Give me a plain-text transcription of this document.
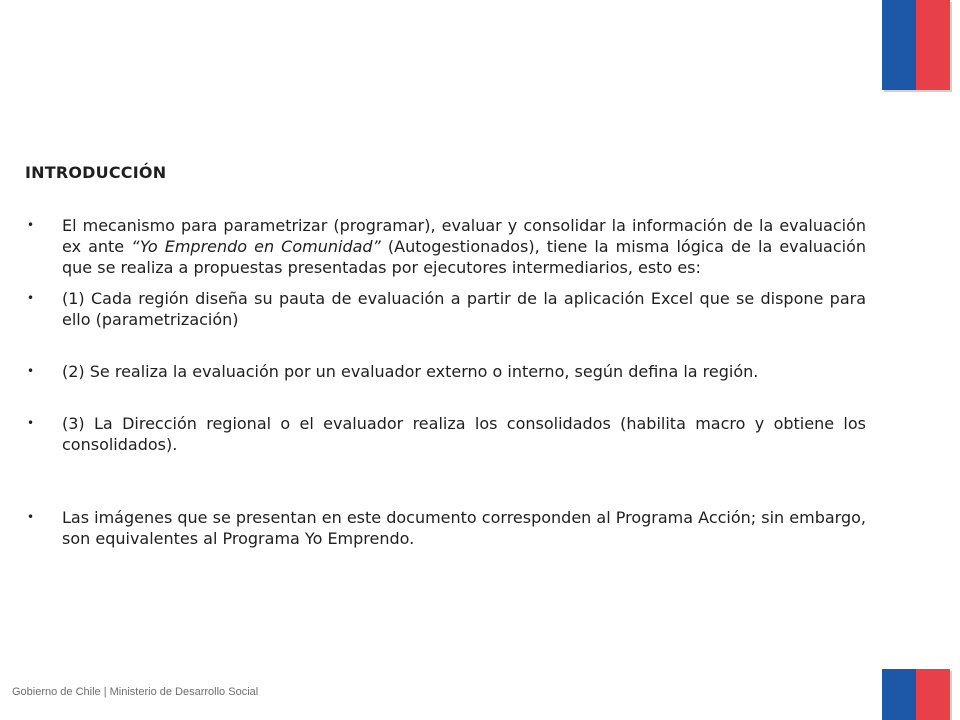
INTRODUCCIÓN
• El mecanismo para parametrizar (programar), evaluar y consolidar la información de la evaluación ex ante “Yo Emprendo en Comunidad” (Autogestionados), tiene la misma lógica de la evaluación que se realiza a propuestas presentadas por ejecutores intermediarios, esto es:
• (1) Cada región diseña su pauta de evaluación a partir de la aplicación Excel que se dispone para ello (parametrización)
• (2) Se realiza la evaluación por un evaluador externo o interno, según defina la región.
• (3) La Dirección regional o el evaluador realiza los consolidados (habilita macro y obtiene los consolidados).
• Las imágenes que se presentan en este documento corresponden al Programa Acción; sin embargo, son equivalentes al Programa Yo Emprendo.
Gobierno de Chile | Ministerio de Desarrollo Social
